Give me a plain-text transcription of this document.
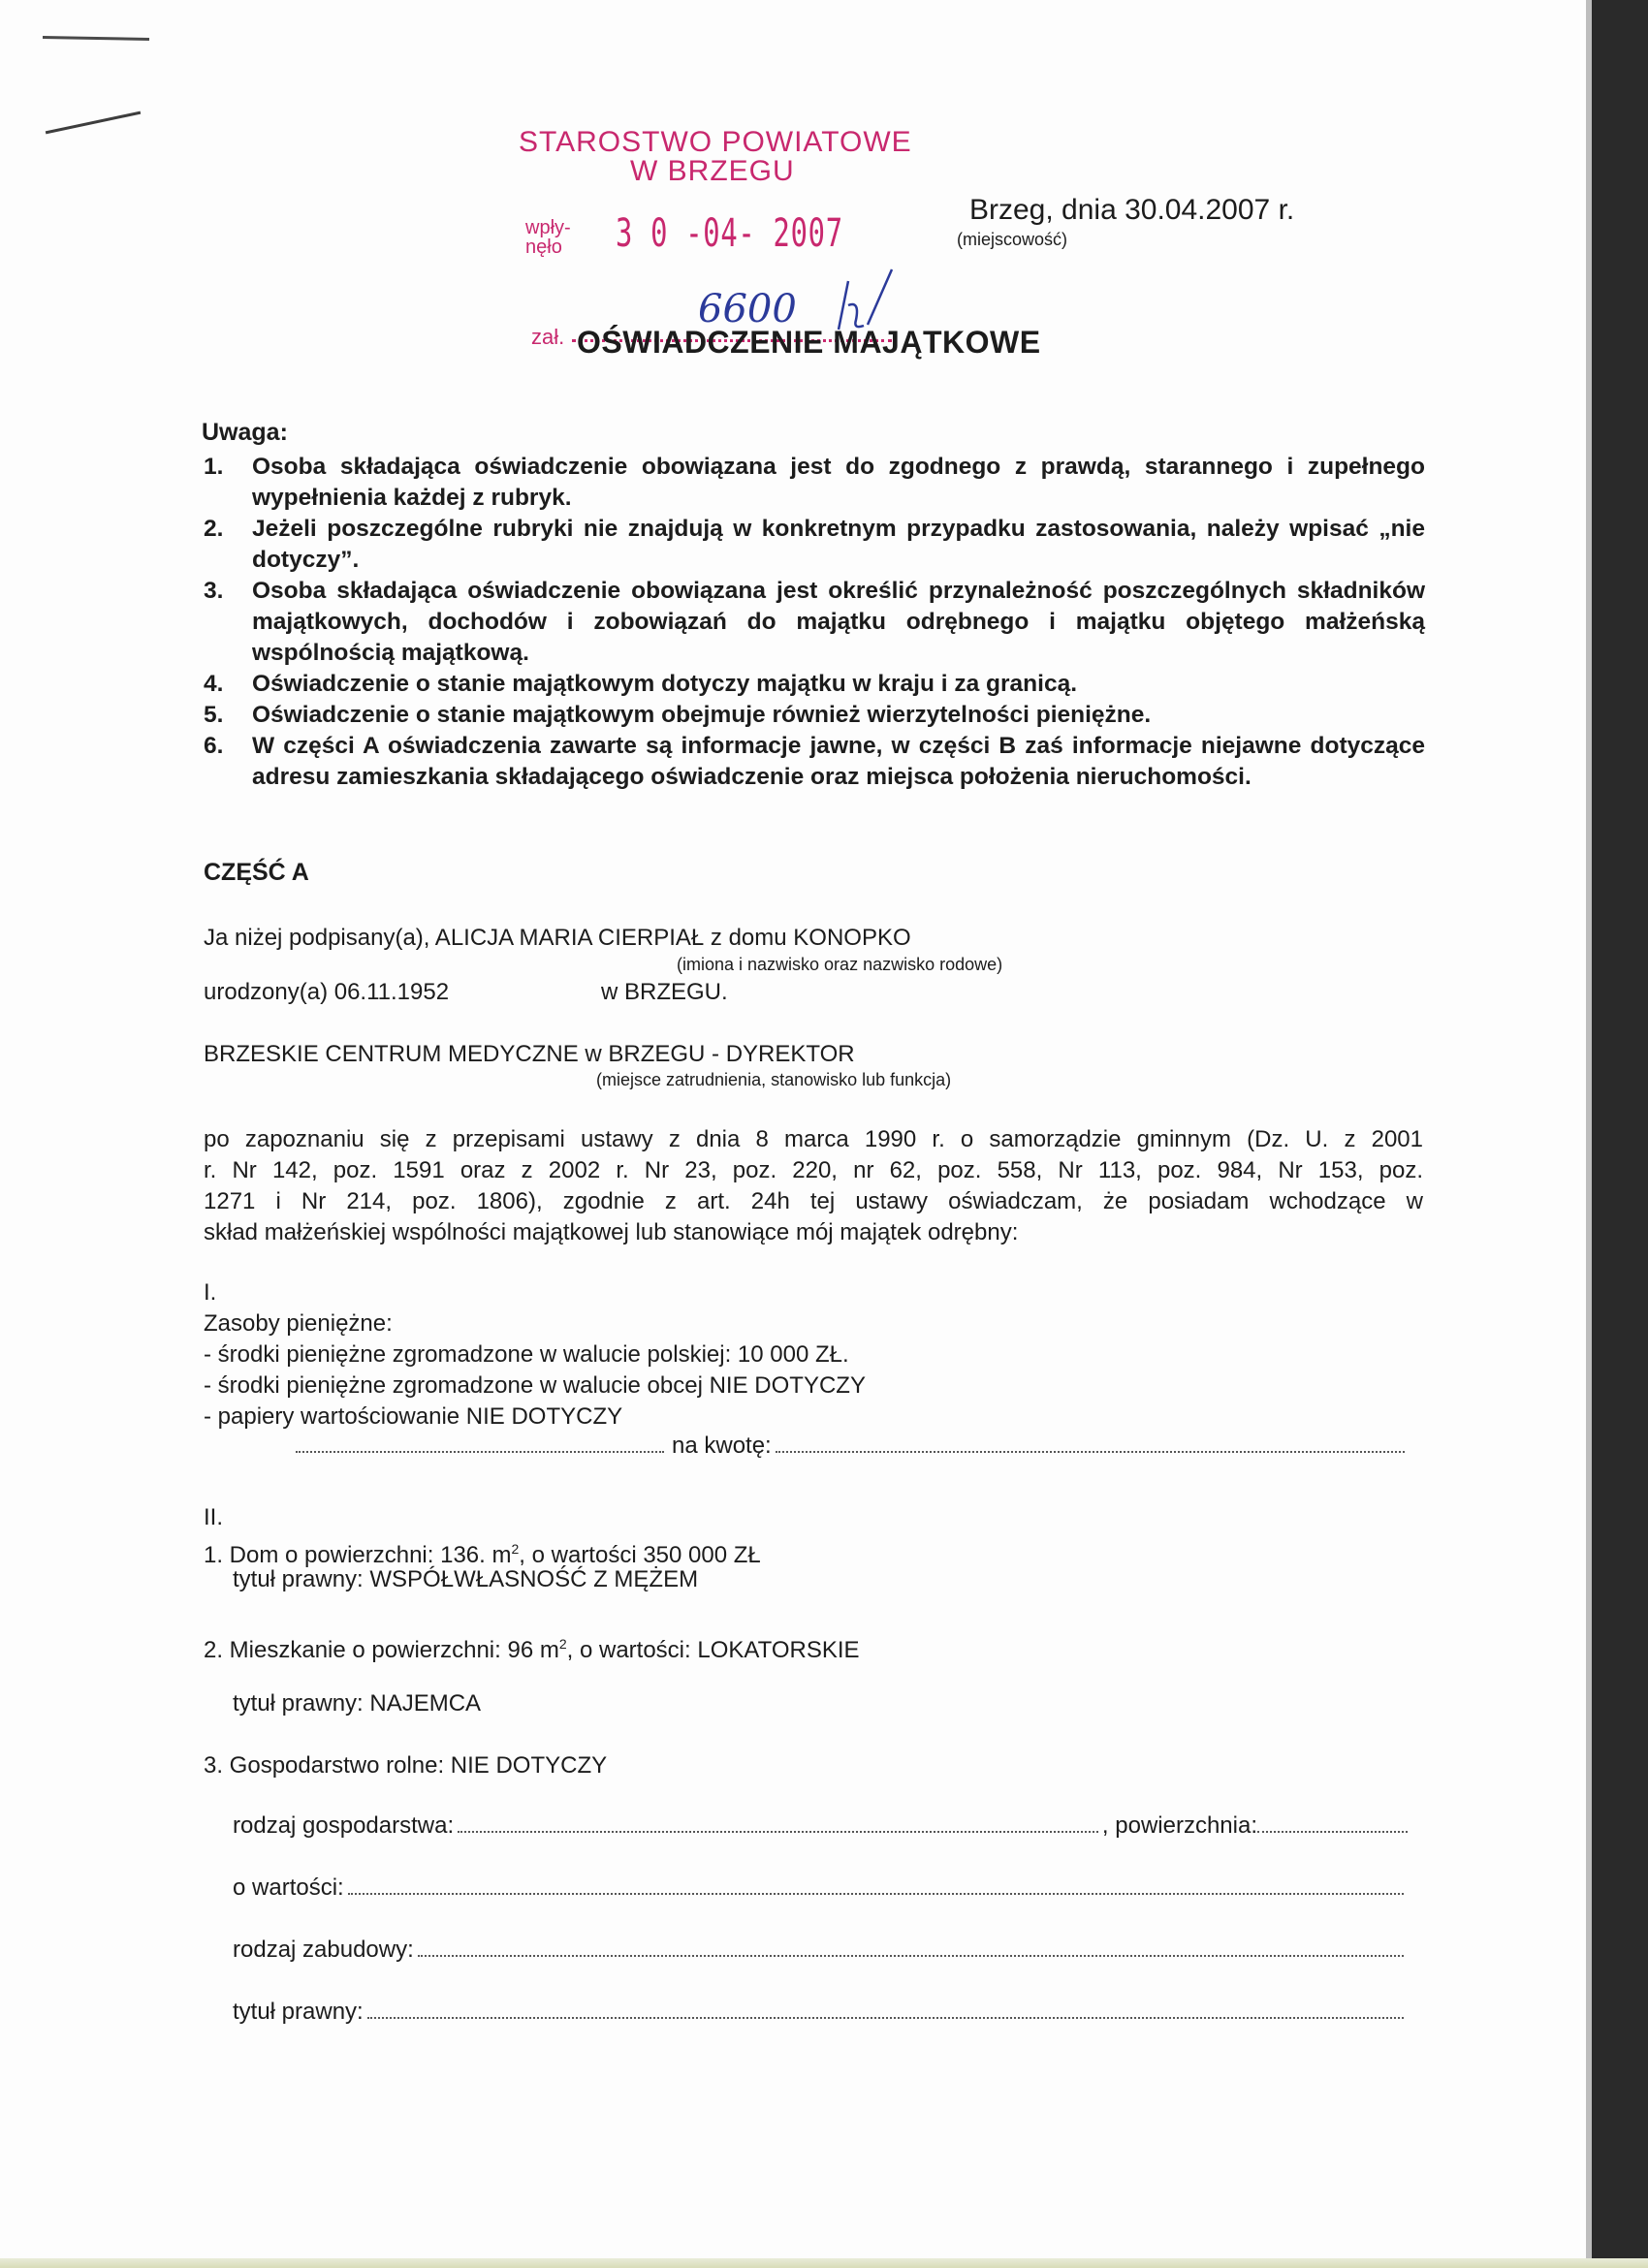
STAROSTWO POWIATOWE
W BRZEGU
wpły-
nęło	3 0 -04- 2007
zał.
6600
Brzeg, dnia 30.04.2007 r.
(miejscowość)
OŚWIADCZENIE MAJĄTKOWE
Uwaga:
1. Osoba składająca oświadczenie obowiązana jest do zgodnego z prawdą, starannego i zupełnego wypełnienia każdej z rubryk.
2. Jeżeli poszczególne rubryki nie znajdują w konkretnym przypadku zastosowania, należy wpisać „nie dotyczy”.
3. Osoba składająca oświadczenie obowiązana jest określić przynależność poszczególnych składników majątkowych, dochodów i zobowiązań do majątku odrębnego i majątku objętego małżeńską wspólnością majątkową.
4. Oświadczenie o stanie majątkowym dotyczy majątku w kraju i za granicą.
5. Oświadczenie o stanie majątkowym obejmuje również wierzytelności pieniężne.
6. W części A oświadczenia zawarte są informacje jawne, w części B zaś informacje niejawne dotyczące adresu zamieszkania składającego oświadczenie oraz miejsca położenia nieruchomości.
CZĘŚĆ A
Ja niżej podpisany(a), ALICJA MARIA CIERPIAŁ z domu KONOPKO
(imiona i nazwisko oraz nazwisko rodowe)
urodzony(a) 06.11.1952	w BRZEGU.
BRZESKIE CENTRUM MEDYCZNE w BRZEGU - DYREKTOR
(miejsce zatrudnienia, stanowisko lub funkcja)
po zapoznaniu się z przepisami ustawy z dnia 8 marca 1990 r. o samorządzie gminnym (Dz. U. z 2001
r. Nr 142, poz. 1591 oraz z 2002 r. Nr 23, poz. 220, nr 62, poz. 558, Nr 113, poz. 984, Nr 153, poz.
1271 i Nr 214, poz. 1806), zgodnie z art. 24h tej ustawy oświadczam, że posiadam wchodzące w
skład małżeńskiej wspólności majątkowej lub stanowiące mój majątek odrębny:
I.
Zasoby pieniężne:
- środki pieniężne zgromadzone w walucie polskiej: 10 000 ZŁ.
- środki pieniężne zgromadzone w walucie obcej NIE DOTYCZY
- papiery wartościowanie NIE DOTYCZY
na kwotę:
II.
1. Dom o powierzchni: 136. $m^2$, o wartości 350 000 ZŁ
tytuł prawny: WSPÓŁWŁASNOŚĆ Z MĘŻEM
2. Mieszkanie o powierzchni: 96 $m^2$, o wartości: LOKATORSKIE
tytuł prawny: NAJEMCA
3. Gospodarstwo rolne: NIE DOTYCZY
rodzaj gospodarstwa:	, powierzchnia:
o wartości:
rodzaj zabudowy:
tytuł prawny:
